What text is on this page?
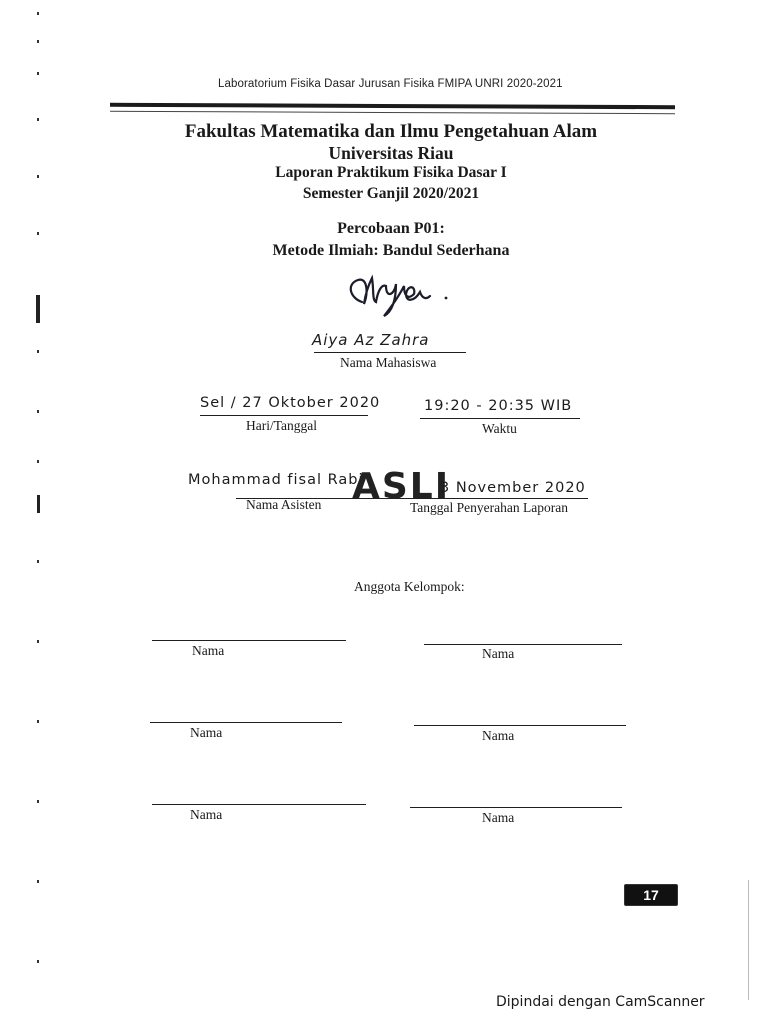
Laboratorium Fisika Dasar Jurusan Fisika FMIPA UNRI 2020-2021
Fakultas Matematika dan Ilmu Pengetahuan Alam
Universitas Riau
Laporan Praktikum Fisika Dasar I
Semester Ganjil 2020/2021
Percobaan P01:
Metode Ilmiah: Bandul Sederhana
Aiya Az Zahra
Nama Mahasiswa
Sel / 27 Oktober 2020
Hari/Tanggal
19:20 - 20:35 WIB
Waktu
Mohammad fisal Rabi
ASLI
3 November 2020
Nama Asisten	Tanggal Penyerahan Laporan
Anggota Kelompok:
Nama	Nama
Nama	Nama
Nama	Nama
17
Dipindai dengan CamScanner
